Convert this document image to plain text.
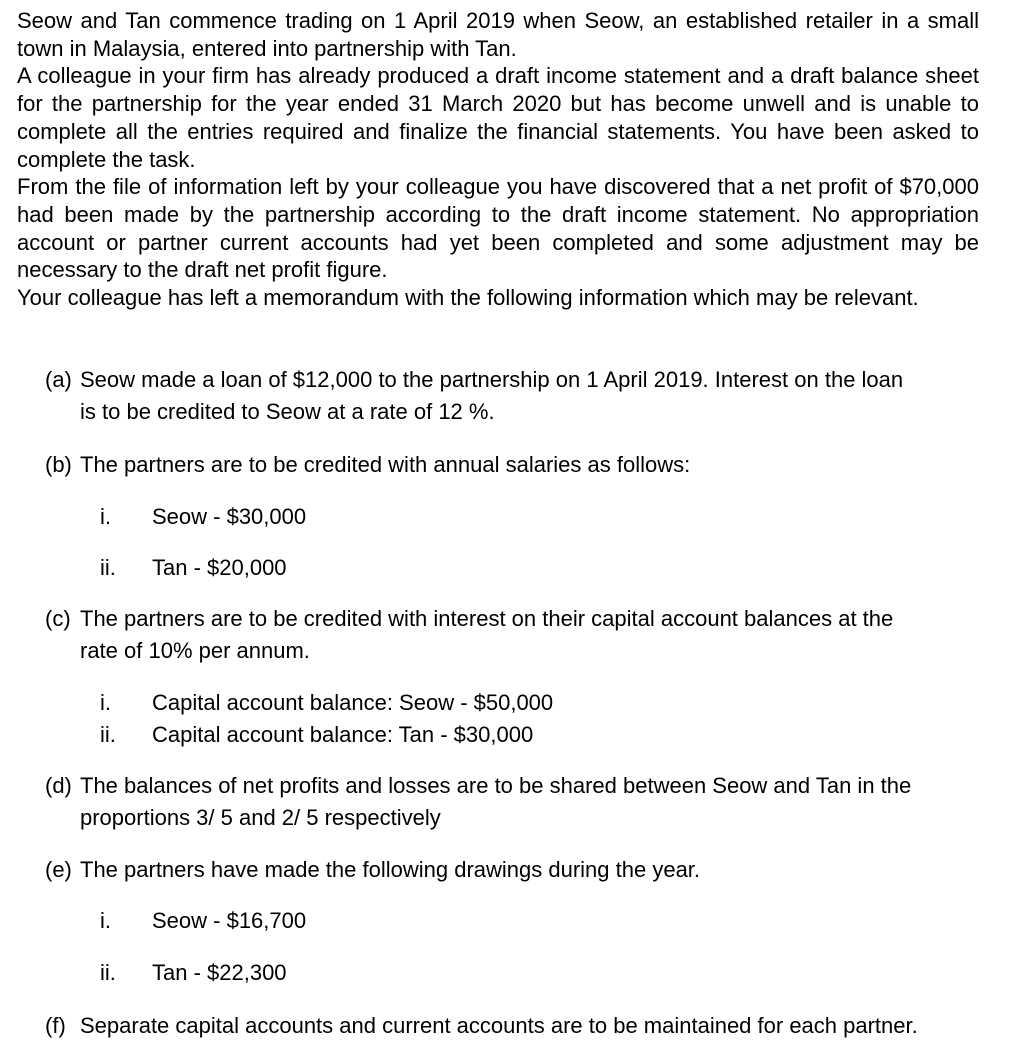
Seow and Tan commence trading on 1 April 2019 when Seow, an established retailer in a small town in Malaysia, entered into partnership with Tan.

A colleague in your firm has already produced a draft income statement and a draft balance sheet for the partnership for the year ended 31 March 2020 but has become unwell and is unable to complete all the entries required and finalize the financial statements. You have been asked to complete the task.

From the file of information left by your colleague you have discovered that a net profit of $70,000 had been made by the partnership according to the draft income statement. No appropriation account or partner current accounts had yet been completed and some adjustment may be necessary to the draft net profit figure.

Your colleague has left a memorandum with the following information which may be relevant.

(a) Seow made a loan of $12,000 to the partnership on 1 April 2019. Interest on the loan
is to be credited to Seow at a rate of 12 %.
(b) The partners are to be credited with annual salaries as follows:
i. Seow - $30,000
ii. Tan - $20,000
(c) The partners are to be credited with interest on their capital account balances at the
rate of 10% per annum.
i. Capital account balance: Seow - $50,000
ii. Capital account balance: Tan - $30,000
(d) The balances of net profits and losses are to be shared between Seow and Tan in the
proportions 3/ 5 and 2/ 5 respectively
(e) The partners have made the following drawings during the year.
i. Seow - $16,700
ii. Tan - $22,300
(f) Separate capital accounts and current accounts are to be maintained for each partner.
